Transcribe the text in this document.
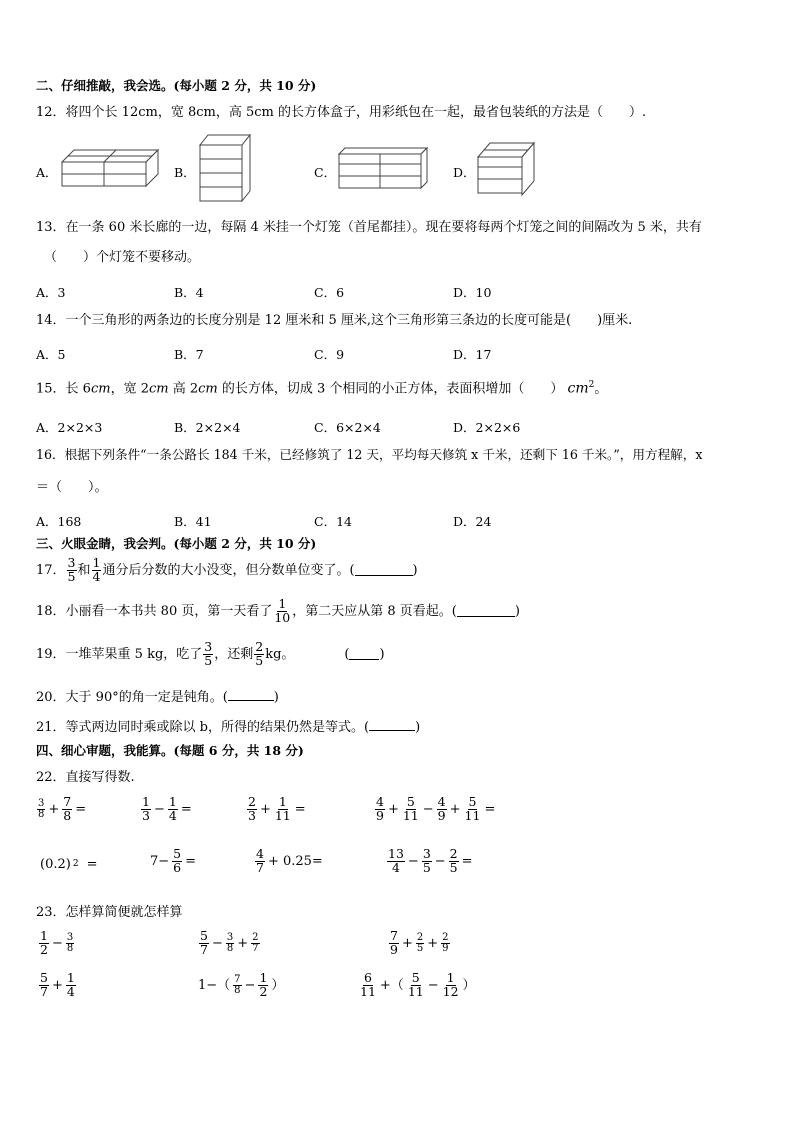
二、仔细推敲，我会选。(每小题 2 分，共 10 分)
12．将四个长 12cm，宽 8cm，高 5cm 的长方体盒子，用彩纸包在一起，最省包装纸的方法是（　　）.
A．	B．	C．	D．
13．在一条 60 米长廊的一边，每隔 4 米挂一个灯笼（首尾都挂）。现在要将每两个灯笼之间的间隔改为 5 米，共有
（　　）个灯笼不要移动。
A．3	B．4	C．6	D．10
14．一个三角形的两条边的长度分别是 12 厘米和 5 厘米,这个三角形第三条边的长度可能是(　　)厘米.
A．5	B．7	C．9	D．17
15．长 6cm，宽 2cm 高 2cm 的长方体，切成 3 个相同的小正方体，表面积增加（　　） $cm^2$。
A．2×2×3	B．2×2×4	C．6×2×4	D．2×2×6
16．根据下列条件“一条公路长 184 千米，已经修筑了 12 天，平均每天修筑 x 千米，还剩下 16 千米。”，用方程解，x
＝（　　）。
A．168	B．41	C．14	D．24
三、火眼金睛，我会判。(每小题 2 分，共 10 分)
17． $\frac{3}{5}$ 和 $\frac{1}{4}$ 通分后分数的大小没变，但分数单位变了。(	)
18．小丽看一本书共 80 页，第一天看了 $\frac{1}{10}$ ，第二天应从第 8 页看起。(	)
19．一堆苹果重 5 kg，吃了 $\frac{3}{5}$ ，还剩 $\frac{2}{5}$ kg。	( )
20．大于 90°的角一定是钝角。(	)
21．等式两边同时乘或除以 b，所得的结果仍然是等式。(	)
四、细心审题，我能算。(每题 6 分，共 18 分)
22．直接写得数.
$\frac{3}{8} + \frac{7}{8}$ =	$\frac{1}{3} - \frac{1}{4}$ =	$\frac{2}{3} + \frac{1}{11}$ =	$\frac{4}{9} + \frac{5}{11} - \frac{4}{9} + \frac{5}{11}$ =
(0.2) 2 =	$7- \frac{5}{6}$ =	$\frac{4}{7} + 0.25=$	$\frac{13}{4} - \frac{3}{5} - \frac{2}{5}$ =
23．怎样算简便就怎样算
$\frac{1}{2} - \frac{3}{8}$	$\frac{5}{7} - \frac{3}{8} + \frac{2}{7}$	$\frac{7}{9} + \frac{2}{5} + \frac{2}{9}$
$\frac{5}{7} + \frac{1}{4}$	$1-( \frac{7}{8} - \frac{1}{2}$ ）	$\frac{6}{11}$ +（ $\frac{5}{11} - \frac{1}{12}$ ）
